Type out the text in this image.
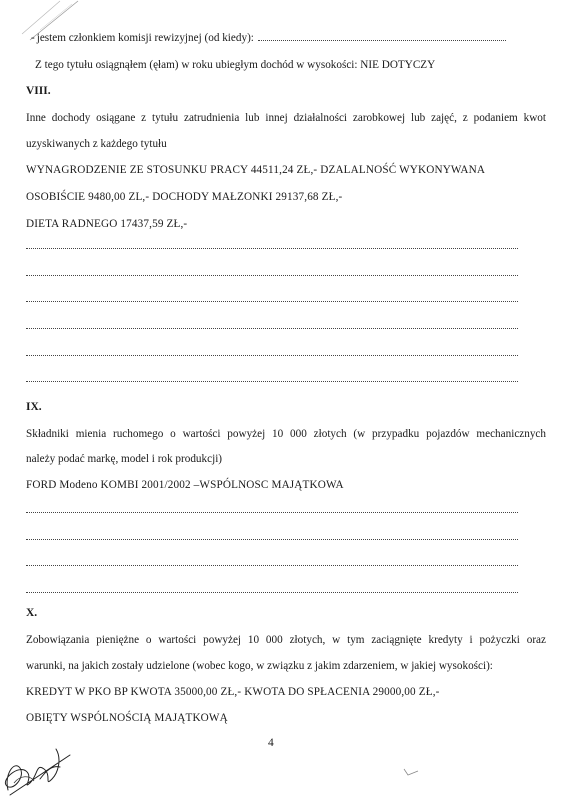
- jestem członkiem komisji rewizyjnej (od kiedy):
Z tego tytułu osiągnąłem (ęłam) w roku ubiegłym dochód w wysokości: NIE DOTYCZY
VIII.
Inne dochody osiągane z tytułu zatrudnienia lub innej działalności zarobkowej lub zajęć, z podaniem kwot
uzyskiwanych z każdego tytułu
WYNAGRODZENIE ZE STOSUNKU PRACY 44511,24 ZŁ,- DZALALNOŚĆ WYKONYWANA
OSOBIŚCIE 9480,00 ZL,- DOCHODY MAŁZONKI 29137,68 ZŁ,-
DIETA RADNEGO 17437,59 ZŁ,-
IX.
Składniki mienia ruchomego o wartości powyżej 10 000 złotych (w przypadku pojazdów mechanicznych
należy podać markę, model i rok produkcji)
FORD Modeno KOMBI 2001/2002 –WSPÓLNOSC MAJĄTKOWA
X.
Zobowiązania pieniężne o wartości powyżej 10 000 złotych, w tym zaciągnięte kredyty i pożyczki oraz
warunki, na jakich zostały udzielone (wobec kogo, w związku z jakim zdarzeniem, w jakiej wysokości):
KREDYT W PKO BP KWOTA 35000,00 ZŁ,- KWOTA DO SPŁACENIA 29000,00 ZŁ,-
OBIĘTY WSPÓLNOŚCIĄ MAJĄTKOWĄ
4
